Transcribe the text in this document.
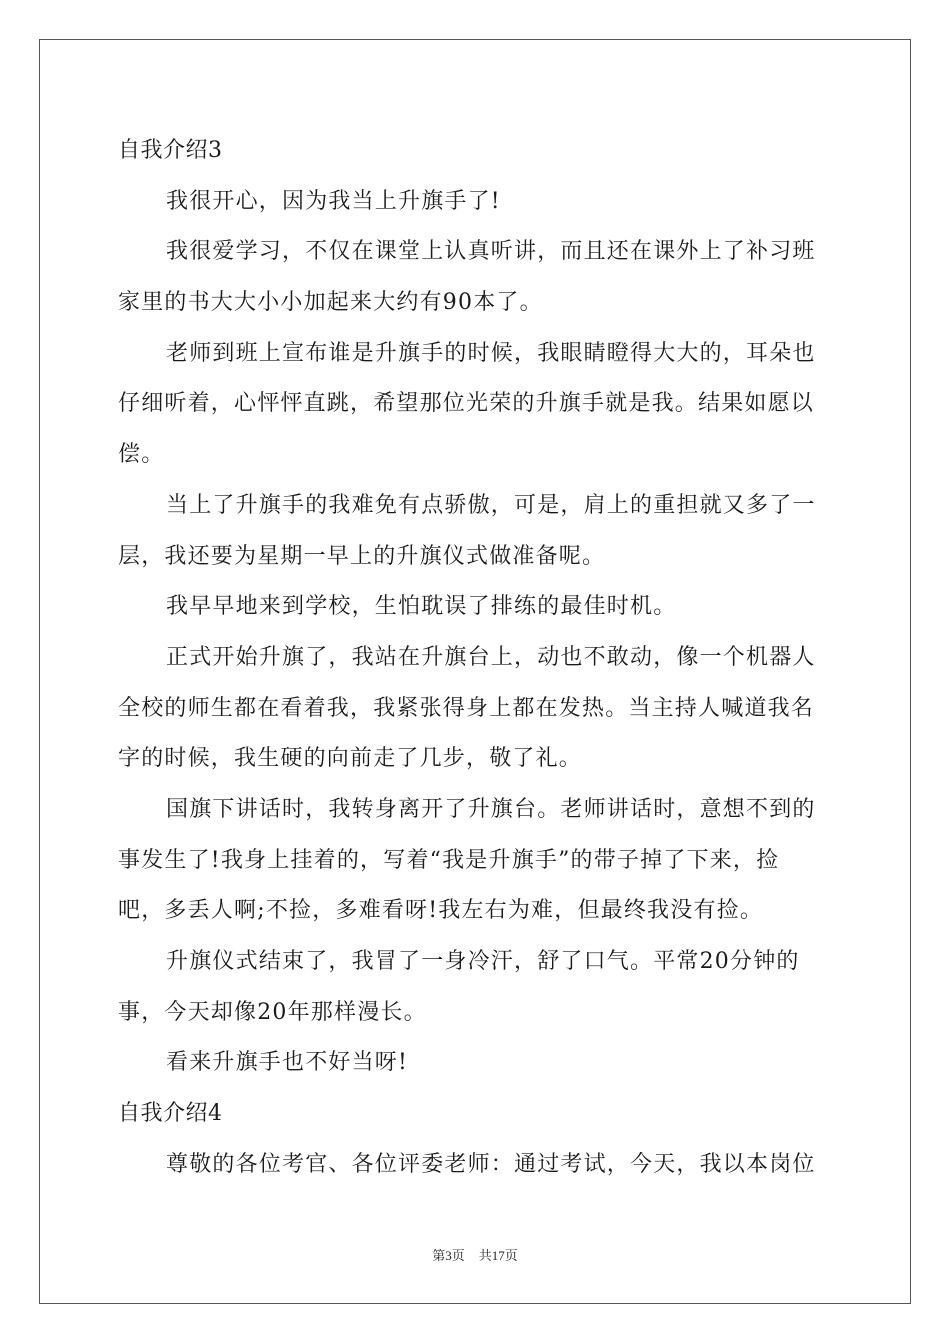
自我介绍3
我很开心，因为我当上升旗手了!
我很爱学习，不仅在课堂上认真听讲，而且还在课外上了补习班
家里的书大大小小加起来大约有90本了。
老师到班上宣布谁是升旗手的时候，我眼睛瞪得大大的，耳朵也
仔细听着，心怦怦直跳，希望那位光荣的升旗手就是我。结果如愿以
偿。
当上了升旗手的我难免有点骄傲，可是，肩上的重担就又多了一
层，我还要为星期一早上的升旗仪式做准备呢。
我早早地来到学校，生怕耽误了排练的最佳时机。
正式开始升旗了，我站在升旗台上，动也不敢动，像一个机器人
全校的师生都在看着我，我紧张得身上都在发热。当主持人喊道我名
字的时候，我生硬的向前走了几步，敬了礼。
国旗下讲话时，我转身离开了升旗台。老师讲话时，意想不到的
事发生了!我身上挂着的，写着“我是升旗手”的带子掉了下来，捡
吧，多丢人啊;不捡，多难看呀!我左右为难，但最终我没有捡。
升旗仪式结束了，我冒了一身冷汗，舒了口气。平常20分钟的
事，今天却像20年那样漫长。
看来升旗手也不好当呀!
自我介绍4
尊敬的各位考官、各位评委老师：通过考试，今天，我以本岗位
第3页 共17页
